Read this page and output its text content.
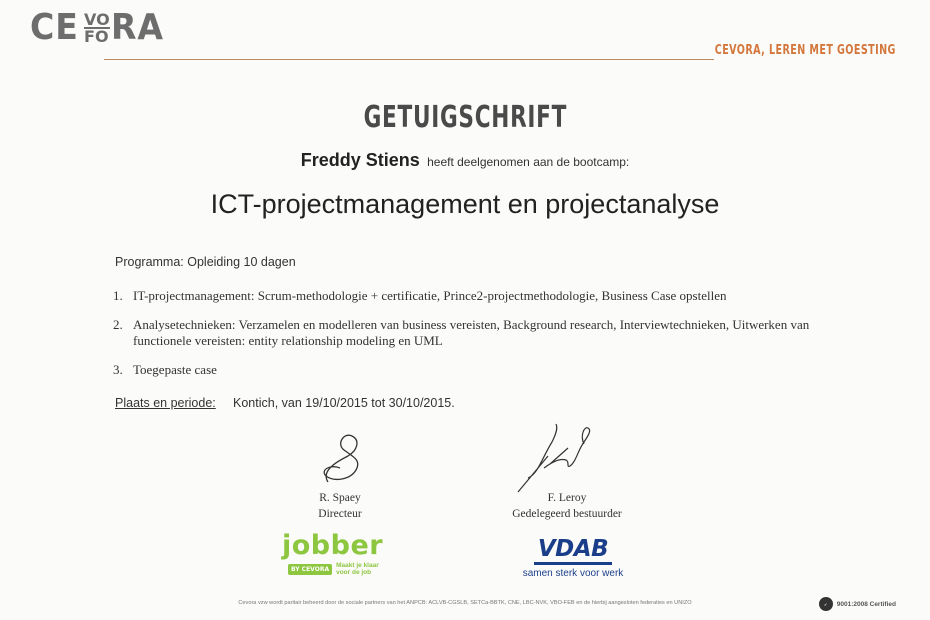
CE VO
FO RA
CEVORA, LEREN MET GOESTING
GETUIGSCHRIFT
Freddy Stiens heeft deelgenomen aan de bootcamp:
ICT-projectmanagement en projectanalyse
Programma: Opleiding 10 dagen
1. IT-projectmanagement: Scrum-methodologie + certificatie, Prince2-projectmethodologie, Business Case opstellen
2. Analysetechnieken: Verzamelen en modelleren van business vereisten, Background research, Interviewtechnieken, Uitwerken van functionele vereisten: entity relationship modeling en UML
3. Toegepaste case
Plaats en periode:	Kontich, van 19/10/2015 tot 30/10/2015.
R. Spaey
Directeur
F. Leroy
Gedelegeerd bestuurder
jobber
BY CEVORA	Maakt je klaar
voor de job
VDAB
samen sterk voor werk
Cevora vzw wordt paritair beheerd door de sociale partners van het ANPCB: ACLVB-CGSLB, SETCa-BBTK, CNE, LBC-NVK, VBO-FEB en de hierbij aangesloten federaties en UNIZO	✓	9001:2008 Certified
